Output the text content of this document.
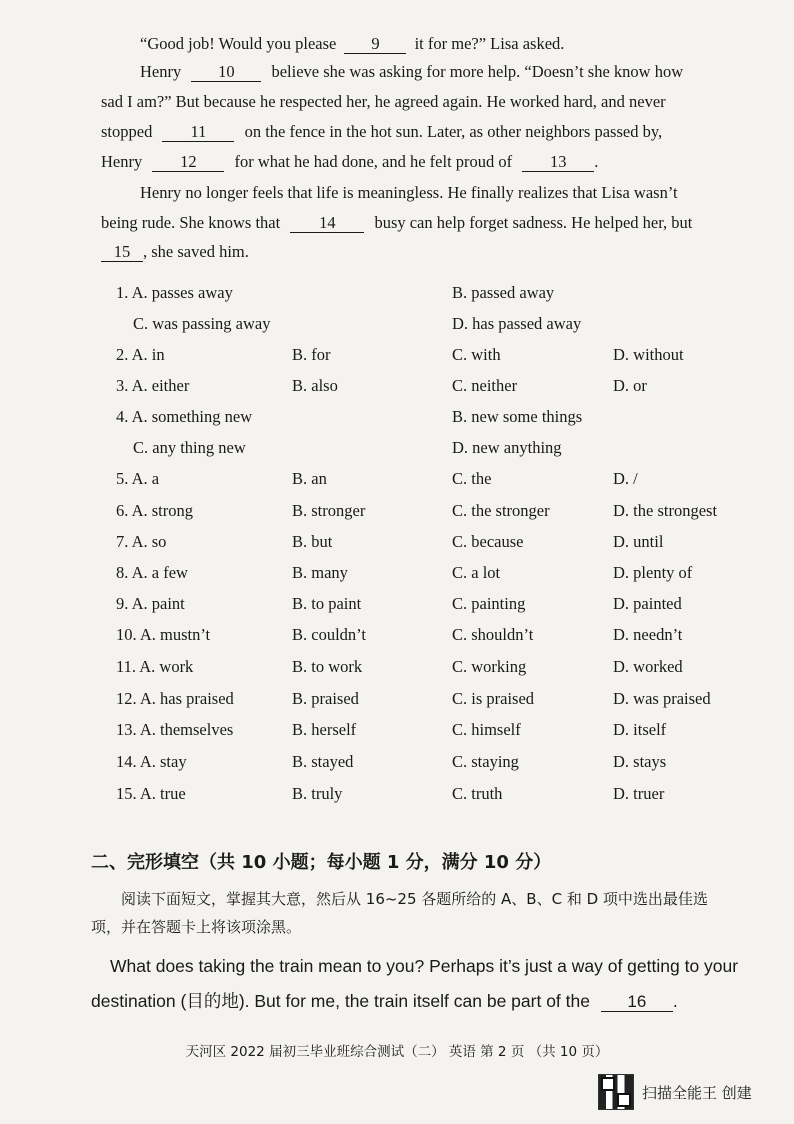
“Good job! Would you please 9 it for me?” Lisa asked.
Henry 10 believe she was asking for more help. “Doesn’t she know how
sad I am?” But because he respected her, he agreed again. He worked hard, and never
stopped 11 on the fence in the hot sun. Later, as other neighbors passed by,
Henry 12 for what he had done, and he felt proud of 13 .
Henry no longer feels that life is meaningless. He finally realizes that Lisa wasn’t
being rude. She knows that 14 busy can help forget sadness. He helped her, but
15 , she saved him.
1. A. passes away	B. passed away
C. was passing away	D. has passed away
2. A. in	B. for	C. with	D. without
3. A. either	B. also	C. neither	D. or
4. A. something new	B. new some things
C. any thing new	D. new anything
5. A. a	B. an	C. the	D. /
6. A. strong	B. stronger	C. the stronger	D. the strongest
7. A. so	B. but	C. because	D. until
8. A. a few	B. many	C. a lot	D. plenty of
9. A. paint	B. to paint	C. painting	D. painted
10. A. mustn’t	B. couldn’t	C. shouldn’t	D. needn’t
11. A. work	B. to work	C. working	D. worked
12. A. has praised	B. praised	C. is praised	D. was praised
13. A. themselves	B. herself	C. himself	D. itself
14. A. stay	B. stayed	C. staying	D. stays
15. A. true	B. truly	C. truth	D. truer
二、完形填空（共 10 小题；每小题 1 分，满分 10 分）
阅读下面短文，掌握其大意，然后从 16~25 各题所给的 A、B、C 和 D 项中选出最佳选
项，并在答题卡上将该项涂黑。
What does taking the train mean to you? Perhaps it’s just a way of getting to your
destination (目的地). But for me, the train itself can be part of the 16 .
天河区 2022 届初三毕业班综合测试（二） 英语 第 2 页 （共 10 页）
扫描全能王 创建
